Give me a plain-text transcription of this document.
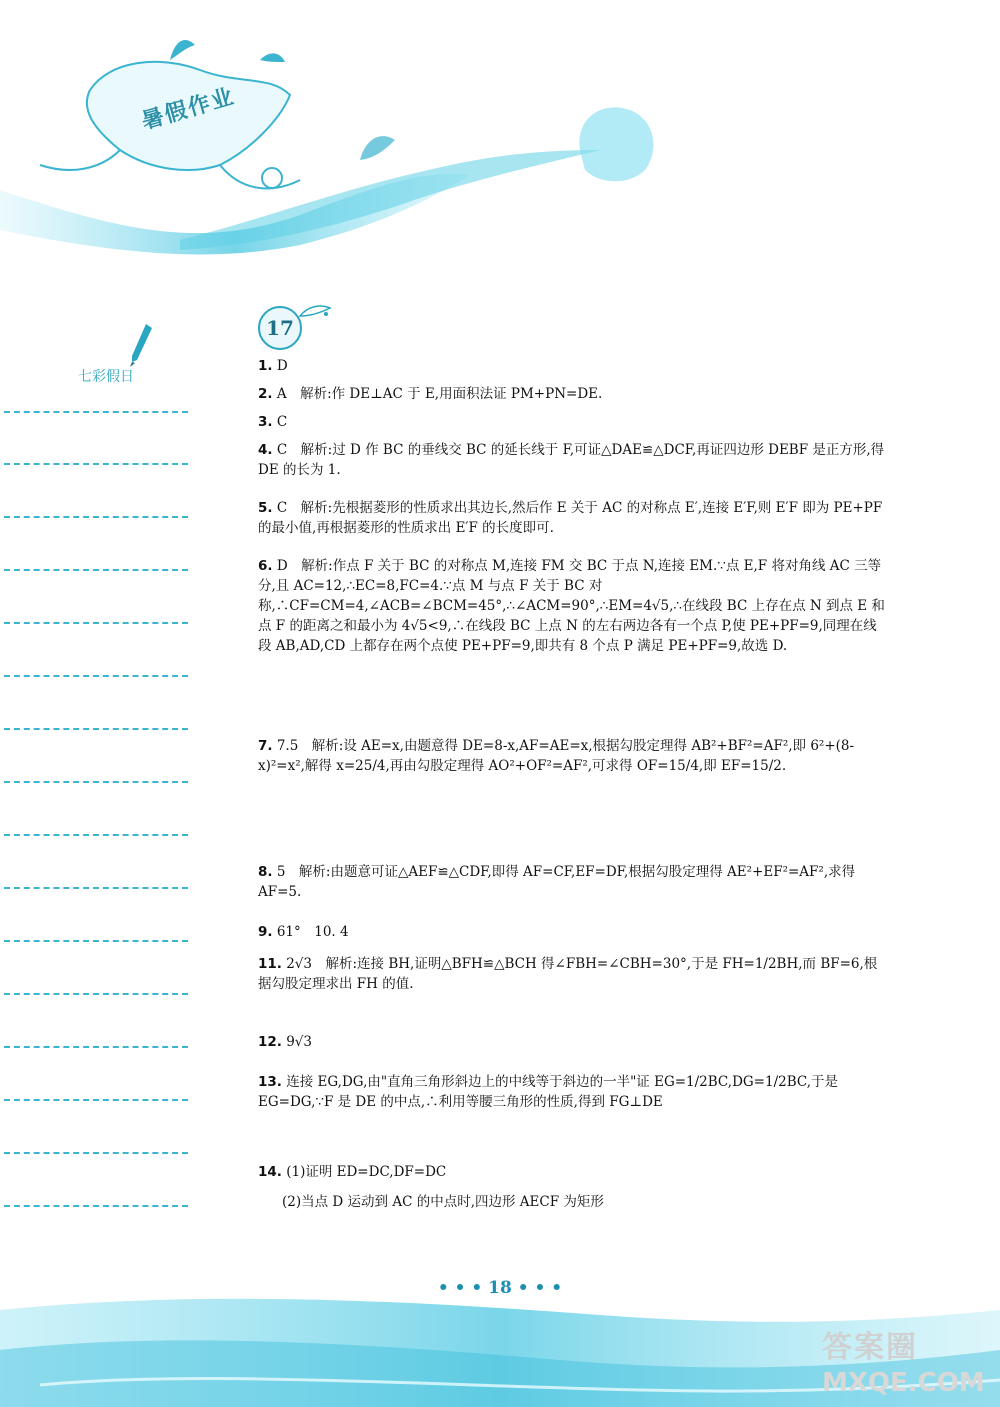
暑假作业
七彩假日
17
1. D
2. A　解析:作 DE⊥AC 于 E,用面积法证 PM+PN=DE.
3. C
4. C　解析:过 D 作 BC 的垂线交 BC 的延长线于 F,可证△DAE≌△DCF,再证四边形 DEBF 是正方形,得 DE 的长为 1.
5. C　解析:先根据菱形的性质求出其边长,然后作 E 关于 AC 的对称点 E′,连接 E′F,则 E′F 即为 PE+PF 的最小值,再根据菱形的性质求出 E′F 的长度即可.
6. D　解析:作点 F 关于 BC 的对称点 M,连接 FM 交 BC 于点 N,连接 EM.∵点 E,F 将对角线 AC 三等分,且 AC=12,∴EC=8,FC=4.∵点 M 与点 F 关于 BC 对称,∴CF=CM=4,∠ACB=∠BCM=45°,∴∠ACM=90°,∴EM=4√5,∴在线段 BC 上存在点 N 到点 E 和点 F 的距离之和最小为 4√5<9,∴在线段 BC 上点 N 的左右两边各有一个点 P,使 PE+PF=9,同理在线段 AB,AD,CD 上都存在两个点使 PE+PF=9,即共有 8 个点 P 满足 PE+PF=9,故选 D.
7. 7.5　解析:设 AE=x,由题意得 DE=8-x,AF=AE=x,根据勾股定理得 AB²+BF²=AF²,即 6²+(8-x)²=x²,解得 x=25/4,再由勾股定理得 AO²+OF²=AF²,可求得 OF=15/4,即 EF=15/2.
8. 5　解析:由题意可证△AEF≌△CDF,即得 AF=CF,EF=DF,根据勾股定理得 AE²+EF²=AF²,求得 AF=5.
9. 61°　10. 4
11. 2√3　解析:连接 BH,证明△BFH≌△BCH 得∠FBH=∠CBH=30°,于是 FH=1/2BH,而 BF=6,根据勾股定理求出 FH 的值.
12. 9√3
13. 连接 EG,DG,由"直角三角形斜边上的中线等于斜边的一半"证 EG=1/2BC,DG=1/2BC,于是 EG=DG,∵F 是 DE 的中点,∴利用等腰三角形的性质,得到 FG⊥DE
14. (1)证明 ED=DC,DF=DC
(2)当点 D 运动到 AC 的中点时,四边形 AECF 为矩形
• • • 18 • • •
答案圈
MXQE.COM
